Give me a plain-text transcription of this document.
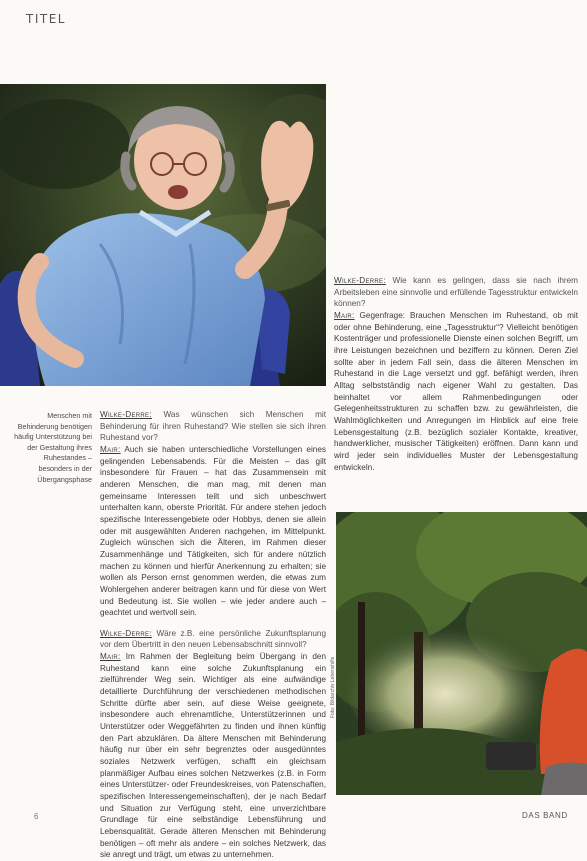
TITEL
Menschen mit Behinderung benötigen häufig Unterstützung bei der Gestaltung ihres Ruhestandes – besonders in der Übergangsphase
Foto: Bildarchiv Lebenshilfe

Wilke-Derre: Was wünschen sich Menschen mit Behinderung für ihren Ruhestand? Wie stellen sie sich ihren Ruhestand vor?

Mair: Auch sie haben unterschiedliche Vorstellungen eines gelingenden Lebensabends. Für die Meisten – das gilt insbesondere für Frauen – hat das Zusammensein mit anderen Menschen, die man mag, mit denen man gemeinsame Interessen teilt und sich unbeschwert unterhalten kann, oberste Priorität. Für andere stehen jedoch spezifische Interessengebiete oder Hobbys, denen sie allein oder mit ausgewählten Anderen nachgehen, im Mittelpunkt. Zugleich wünschen sich die Älteren, im Rahmen dieser Zusammenhänge und Tätigkeiten, sich für andere nützlich machen zu können und hierfür Anerkennung zu erhalten; sie wollen als Person ernst genommen werden, die etwas zum Wohlergehen anderer beitragen kann und für diese von Wert und Bedeutung ist. Sie wollen – wie jeder andere auch – geachtet und wertvoll sein.

Wilke-Derre: Wäre z.B. eine persönliche Zukunftsplanung vor dem Übertritt in den neuen Lebensabschnitt sinnvoll?

Mair: Im Rahmen der Begleitung beim Übergang in den Ruhestand kann eine solche Zukunftsplanung ein zielführender Weg sein. Wichtiger als eine aufwändige detaillierte Durchführung der verschiedenen methodischen Schritte dürfte aber sein, auf diese Weise geeignete, insbesondere auch ehrenamtliche, Unterstützerinnen und Unterstützer oder Weggefährten zu finden und ihnen künftig den Part abzuklären. Da ältere Menschen mit Behinderung häufig nur über ein sehr begrenztes oder ausgedünntes soziales Netzwerk verfügen, schafft ein gleichsam planmäßiger Aufbau eines solchen Netzwerkes (z.B. in Form eines Unterstützer- oder Freundeskreises, von Patenschaften, spezifischen Interessengemeinschaften), der je nach Bedarf und Situation zur Verfügung steht, eine unverzichtbare Grundlage für eine selbständige Lebensführung und Lebensqualität. Gerade älteren Menschen mit Behinderung benötigen – oft mehr als andere – ein solches Netzwerk, das sie anregt und trägt, um etwas zu unternehmen.

Wilke-Derre: Wie kann es gelingen, dass sie nach ihrem Arbeitsleben eine sinnvolle und erfüllende Tagesstruktur entwickeln können?

Mair: Gegenfrage: Brauchen Menschen im Ruhestand, ob mit oder ohne Behinderung, eine „Tagesstruktur“? Vielleicht benötigen Kostenträger und professionelle Dienste einen solchen Begriff, um ihre Leistungen bezeichnen und beziffern zu können. Deren Ziel sollte aber in jedem Fall sein, dass die älteren Menschen im Ruhestand in die Lage versetzt und ggf. befähigt werden, ihren Alltag selbstständig nach eigener Wahl zu gestalten. Das beinhaltet vor allem Rahmenbedingungen oder Gelegenheitsstrukturen zu schaffen bzw. zu gewährleisten, die Wahlmöglichkeiten und Anregungen im Hinblick auf eine freie Lebensgestaltung (z.B. bezüglich sozialer Kontakte, kreativer, handwerklicher, musischer Tätigkeiten) eröffnen. Dann kann und wird jeder sein individuelles Muster der Lebensgestaltung entwickeln.

6	DAS BAND
